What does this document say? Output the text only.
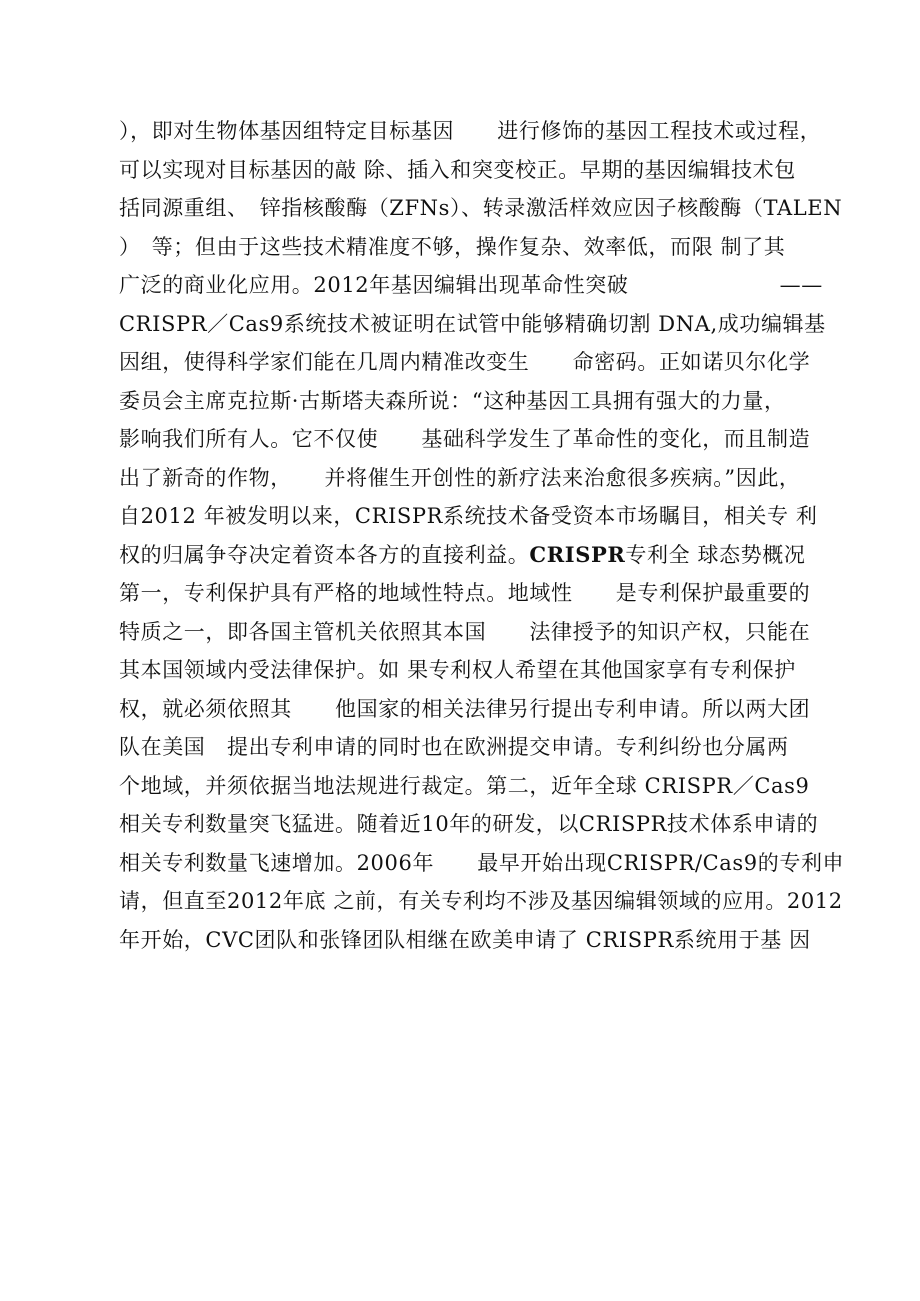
），即对生物体基因组特定目标基因　　进行修饰的基因工程技术或过程，
可以实现对目标基因的敲 除、插入和突变校正。早期的基因编辑技术包
括同源重组、　锌指核酸酶（ZFNs）、转录激活样效应因子核酸酶（TALEN
）　等；但由于这些技术精准度不够，操作复杂、效率低，而限 制了其
广泛的商业化应用。2012年基因编辑出现革命性突破　　　　　　　——
CRISPR／Cas9系统技术被证明在试管中能够精确切割 DNA,成功编辑基
因组，使得科学家们能在几周内精准改变生　　命密码。正如诺贝尔化学
委员会主席克拉斯·古斯塔夫森所说：“这种基因工具拥有强大的力量，
影响我们所有人。它不仅使　　基础科学发生了革命性的变化，而且制造
出了新奇的作物，　　并将催生开创性的新疗法来治愈很多疾病。”因此，
自2012 年被发明以来，CRISPR系统技术备受资本市场瞩目，相关专 利
权的归属争夺决定着资本各方的直接利益。CRISPR专利全 球态势概况
第一，专利保护具有严格的地域性特点。地域性　　是专利保护最重要的
特质之一，即各国主管机关依照其本国　　法律授予的知识产权，只能在
其本国领域内受法律保护。如 果专利权人希望在其他国家享有专利保护
权，就必须依照其　　他国家的相关法律另行提出专利申请。所以两大团
队在美国　提出专利申请的同时也在欧洲提交申请。专利纠纷也分属两
个地域，并须依据当地法规进行裁定。第二，近年全球 CRISPR／Cas9
相关专利数量突飞猛进。随着近10年的研发，以CRISPR技术体系申请的
相关专利数量飞速增加。2006年　　最早开始出现CRISPR/Cas9的专利申
请，但直至2012年底 之前，有关专利均不涉及基因编辑领域的应用。2012
年开始，CVC团队和张锋团队相继在欧美申请了 CRISPR系统用于基 因
